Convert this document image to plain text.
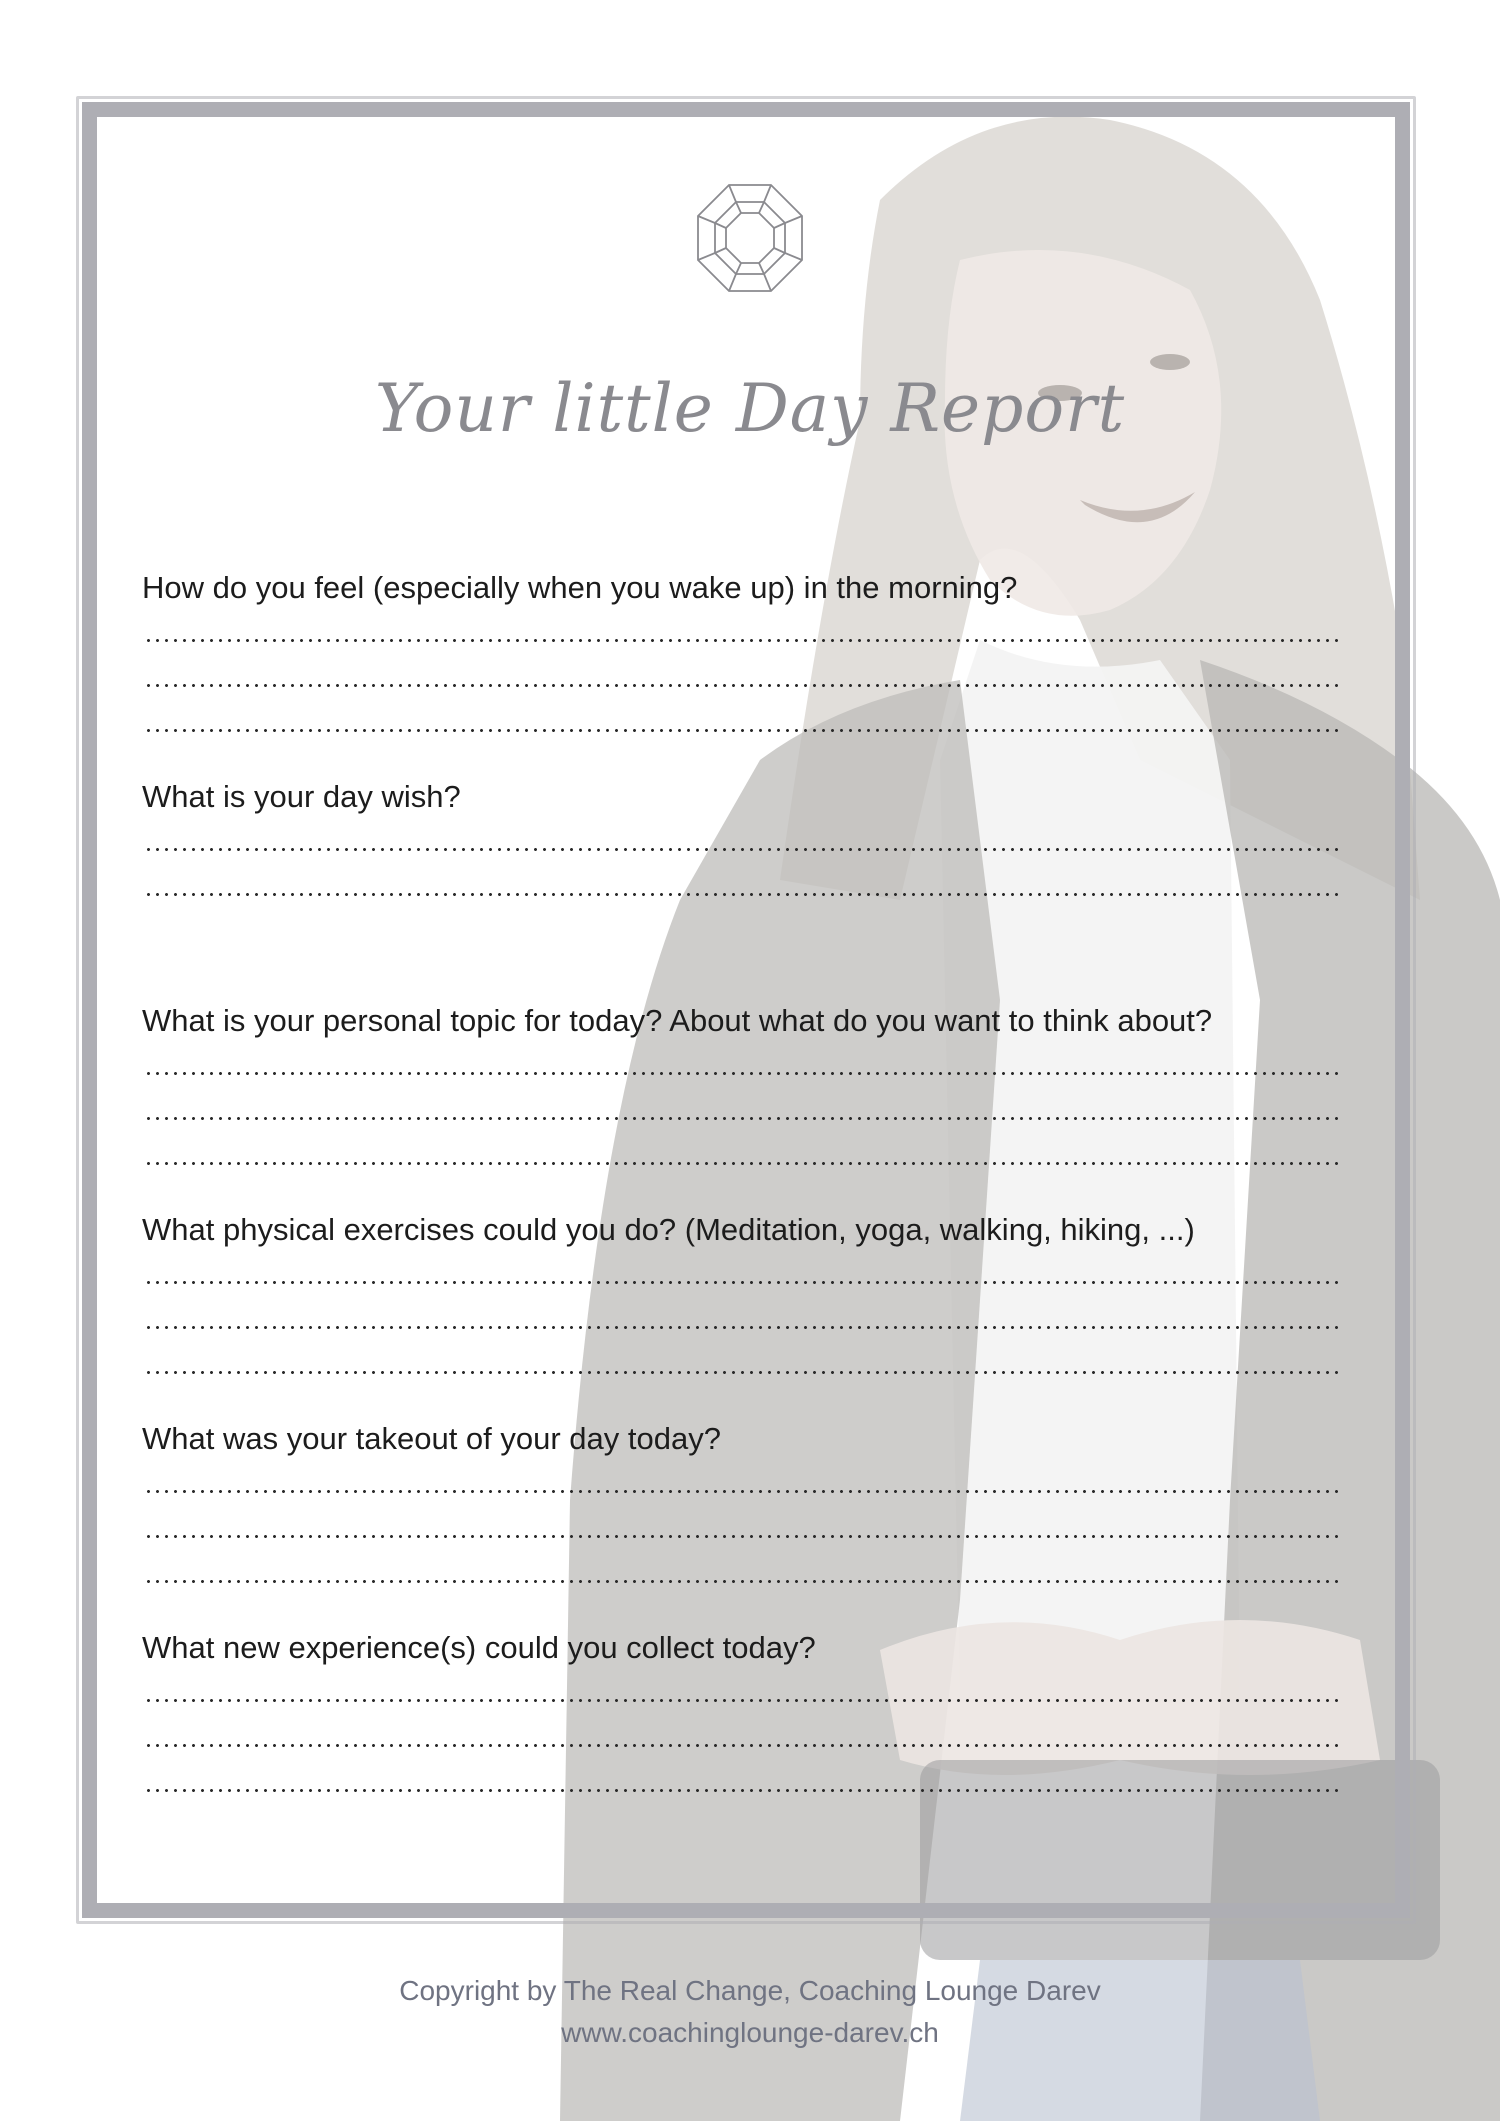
Your little Day Report
How do you feel (especially when you wake up) in the morning?
What is your day wish?
What is your personal topic for today? About what do you want to think about?
What physical exercises could you do? (Meditation, yoga, walking, hiking, ...)
What was your takeout of your day today?
What new experience(s) could you collect today?
Copyright by The Real Change, Coaching Lounge Darev
www.coachinglounge-darev.ch
